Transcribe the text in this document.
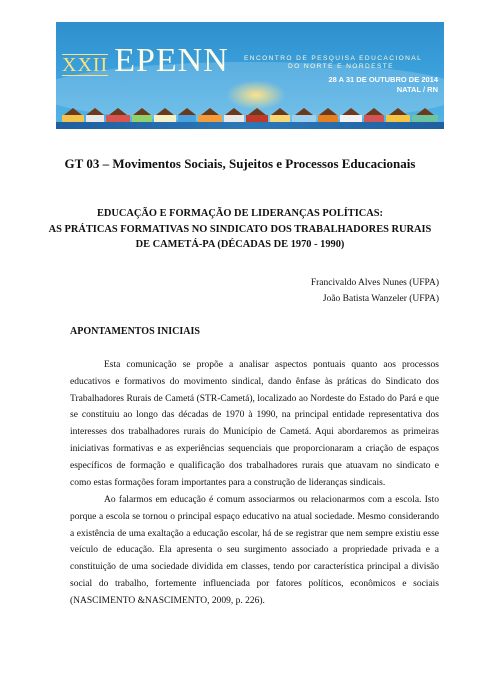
XXII EPENN ENCONTRO DE PESQUISA EDUCACIONAL
DO NORTE E NORDESTE
28 A 31 DE OUTUBRO DE 2014
NATAL / RN
GT 03 – Movimentos Sociais, Sujeitos e Processos Educacionais
EDUCAÇÃO E FORMAÇÃO DE LIDERANÇAS POLÍTICAS:
AS PRÁTICAS FORMATIVAS NO SINDICATO DOS TRABALHADORES RURAIS
DE CAMETÁ-PA (DÉCADAS DE 1970 - 1990)
Francivaldo Alves Nunes (UFPA)
João Batista Wanzeler (UFPA)
APONTAMENTOS INICIAIS

Esta comunicação se propõe a analisar aspectos pontuais quanto aos processos educativos e formativos do movimento sindical, dando ênfase às práticas do Sindicato dos Trabalhadores Rurais de Cametá (STR-Cametá), localizado ao Nordeste do Estado do Pará e que se constituiu ao longo das décadas de 1970 à 1990, na principal entidade representativa dos interesses dos trabalhadores rurais do Município de Cametá. Aqui abordaremos as primeiras iniciativas formativas e as experiências sequenciais que proporcionaram a criação de espaços específicos de formação e qualificação dos trabalhadores rurais que atuavam no sindicato e como estas formações foram importantes para a construção de lideranças sindicais.

Ao falarmos em educação é comum associarmos ou relacionarmos com a escola. Isto porque a escola se tornou o principal espaço educativo na atual sociedade. Mesmo considerando a existência de uma exaltação a educação escolar, há de se registrar que nem sempre existiu esse veículo de educação. Ela apresenta o seu surgimento associado a propriedade privada e a constituição de uma sociedade dividida em classes, tendo por característica principal a divisão social do trabalho, fortemente influenciada por fatores políticos, econômicos e sociais (NASCIMENTO &NASCIMENTO, 2009, p. 226).
